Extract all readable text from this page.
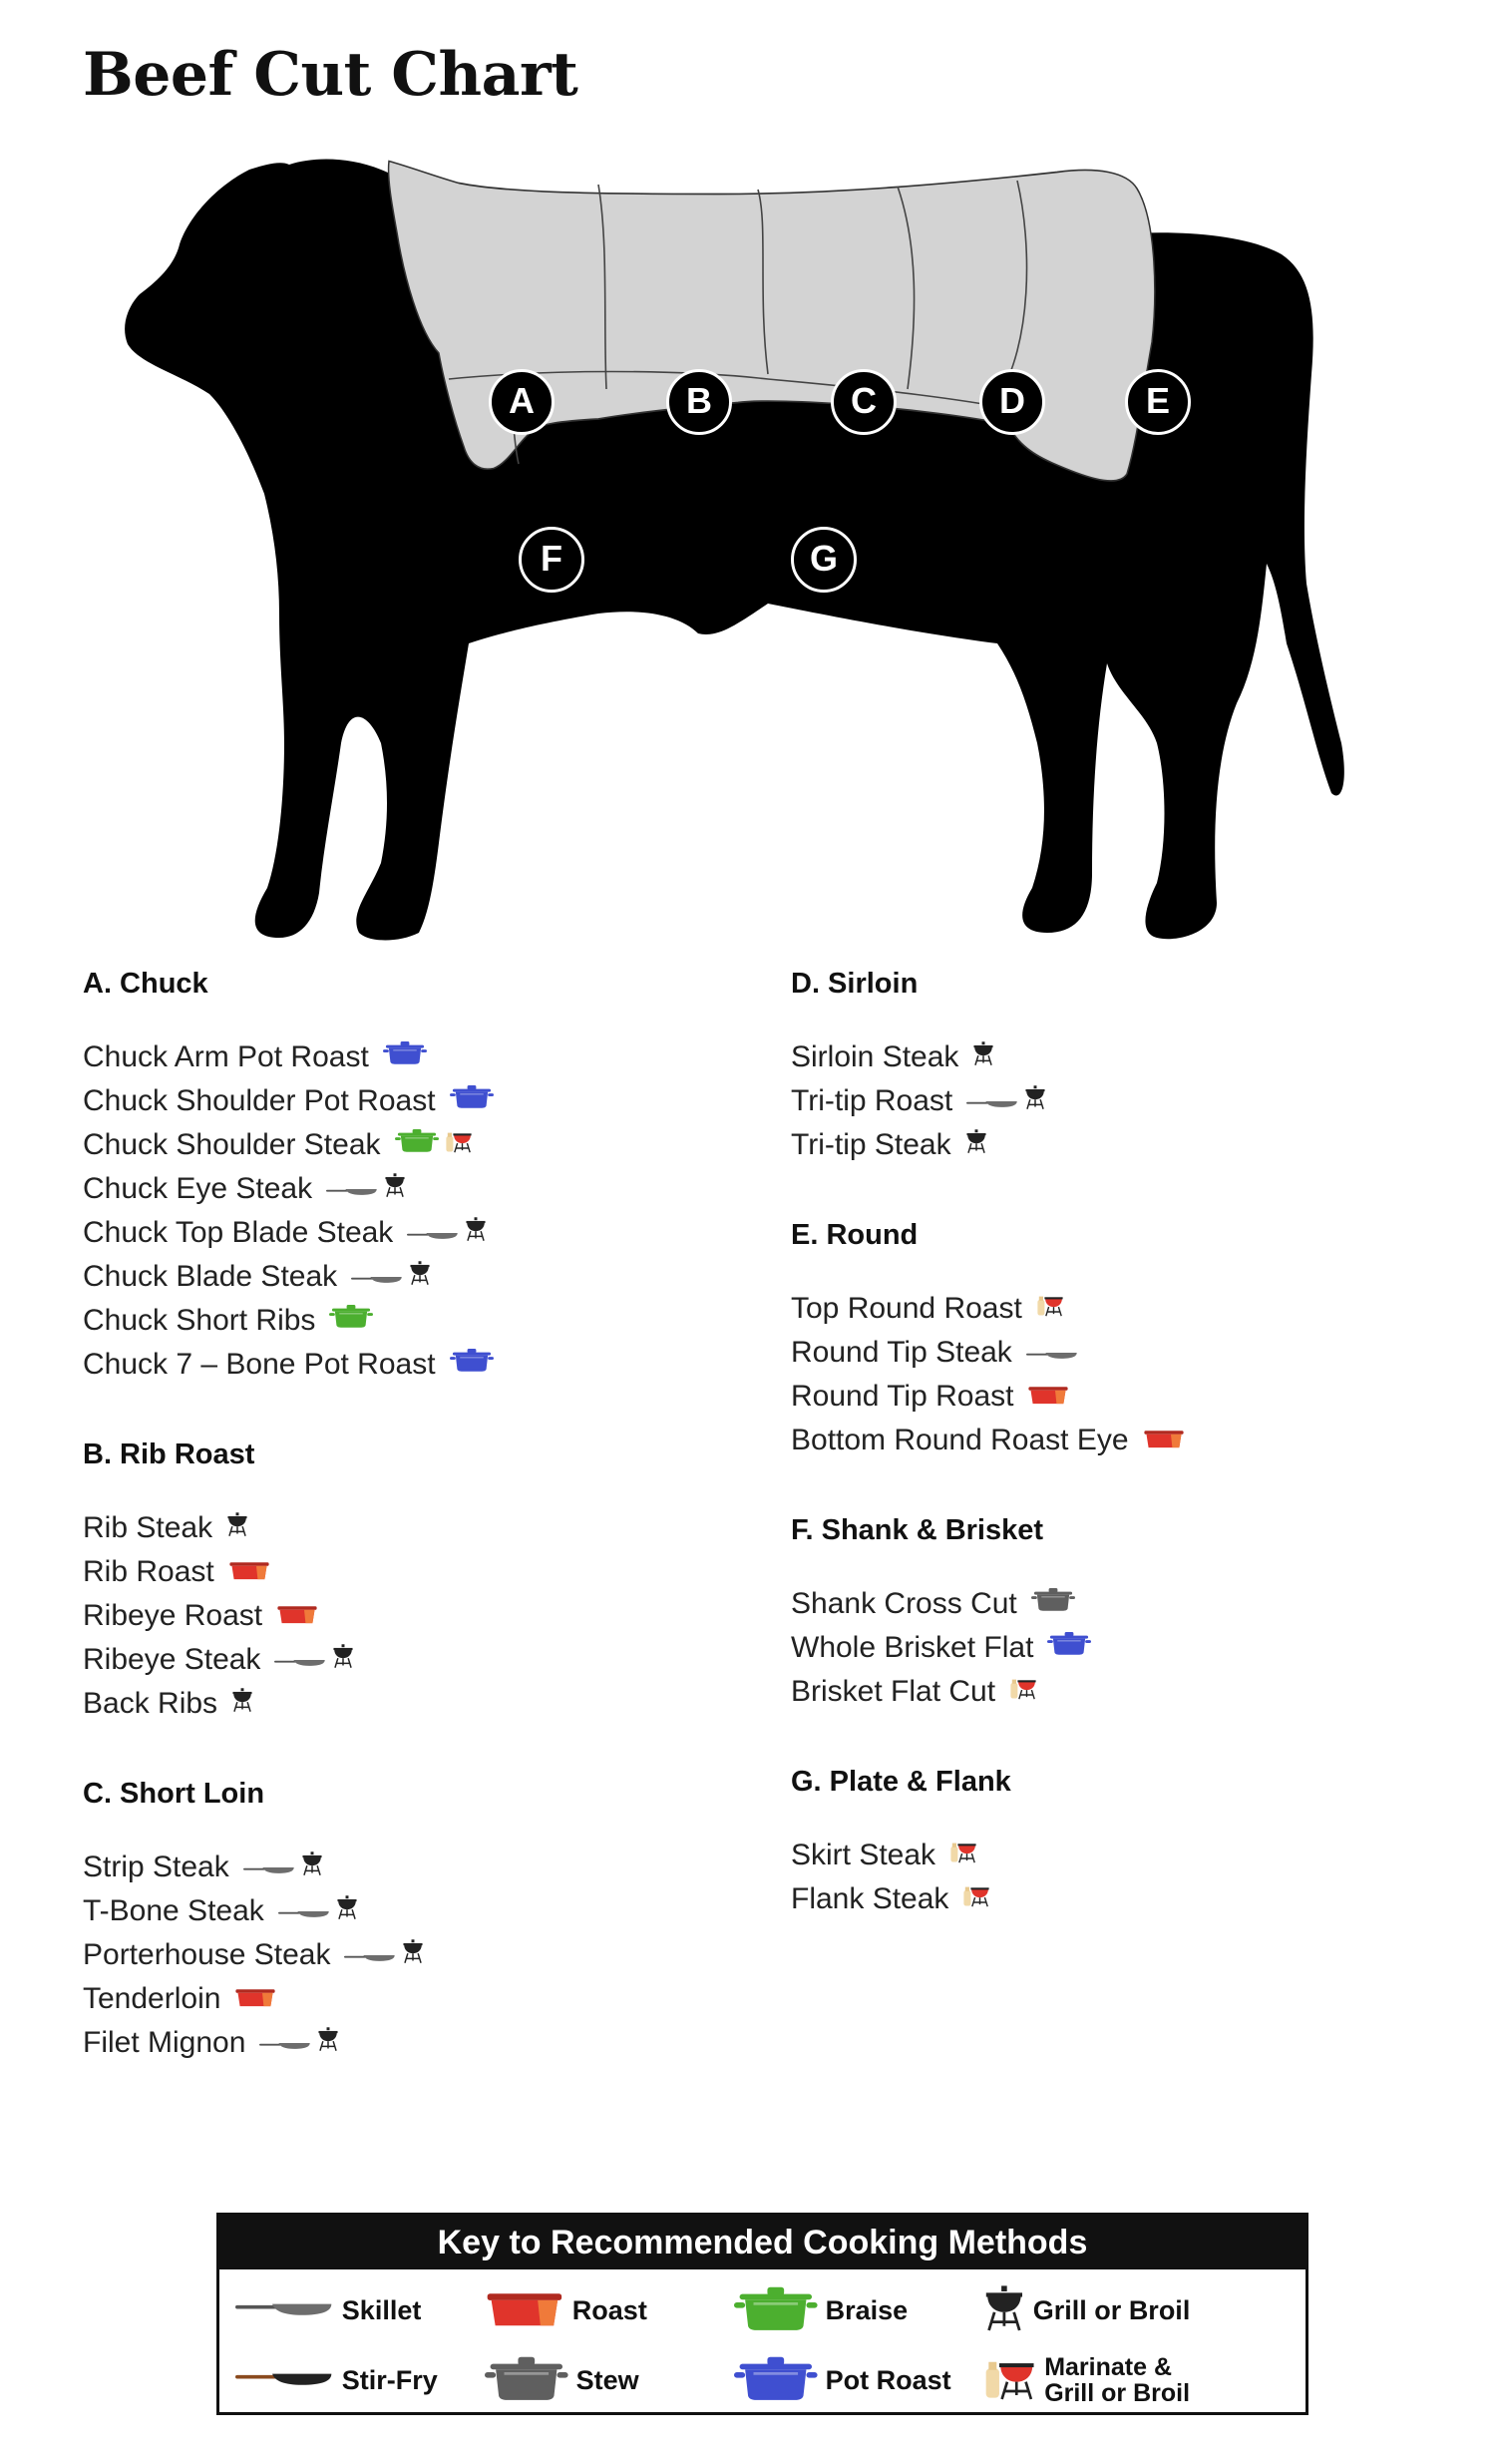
Beef Cut Chart
A	B	C	D	E
F	G
A. Chuck
Chuck Arm Pot Roast
Chuck Shoulder Pot Roast
Chuck Shoulder Steak
Chuck Eye Steak
Chuck Top Blade Steak
Chuck Blade Steak
Chuck Short Ribs
Chuck 7 – Bone Pot Roast
B. Rib Roast
Rib Steak
Rib Roast
Ribeye Roast
Ribeye Steak
Back Ribs
C. Short Loin
Strip Steak
T-Bone Steak
Porterhouse Steak
Tenderloin
Filet Mignon
D. Sirloin
Sirloin Steak
Tri-tip Roast
Tri-tip Steak
E. Round
Top Round Roast
Round Tip Steak
Round Tip Roast
Bottom Round Roast Eye
F. Shank & Brisket
Shank Cross Cut
Whole Brisket Flat
Brisket Flat Cut
G. Plate & Flank
Skirt Steak
Flank Steak
Key to Recommended Cooking Methods
Skillet	Roast	Braise	Grill or Broil
Stir-Fry	Stew	Pot Roast	Marinate &
Grill or Broil
